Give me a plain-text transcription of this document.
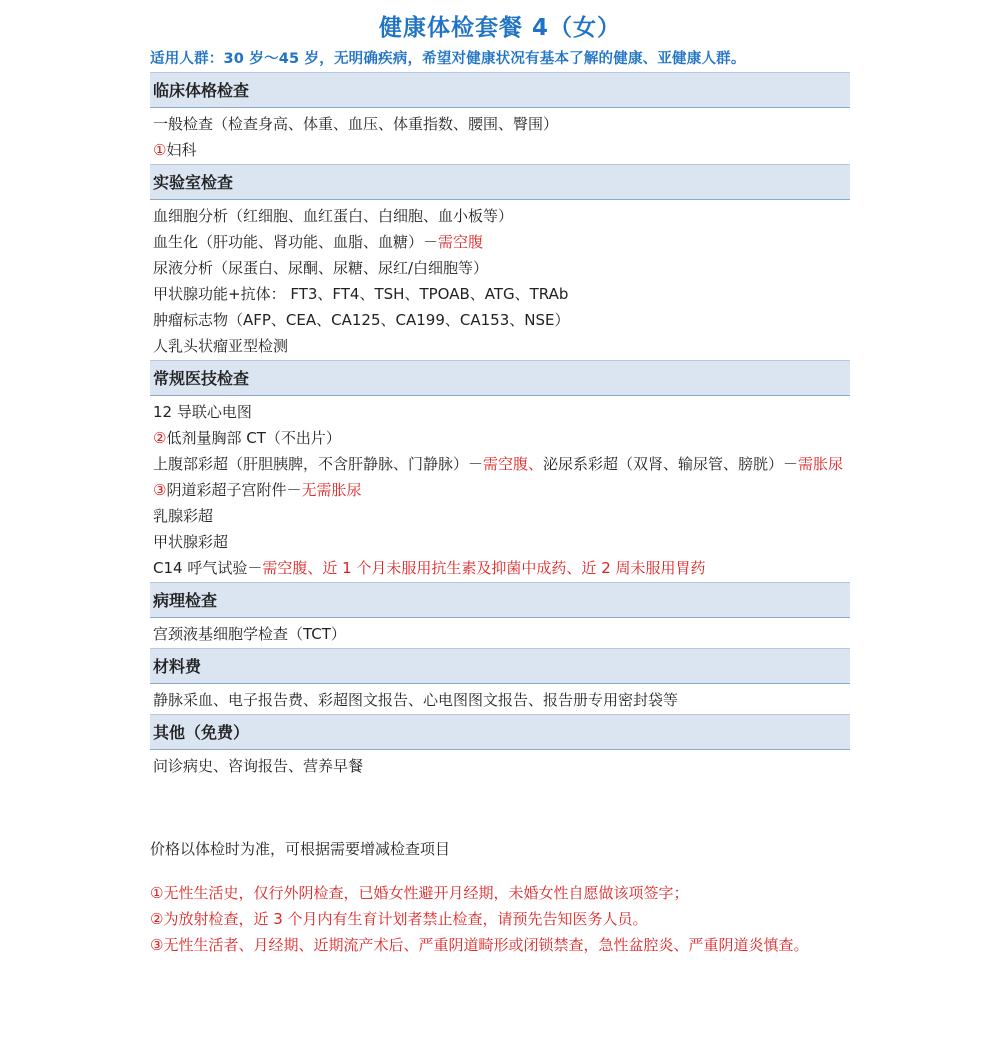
健康体检套餐 4（女）
适用人群：30 岁～45 岁，无明确疾病，希望对健康状况有基本了解的健康、亚健康人群。
临床体格检查
一般检查（检查身高、体重、血压、体重指数、腰围、臀围）
①妇科
实验室检查
血细胞分析（红细胞、血红蛋白、白细胞、血小板等）
血生化（肝功能、肾功能、血脂、血糖）－需空腹
尿液分析（尿蛋白、尿酮、尿糖、尿红/白细胞等）
甲状腺功能+抗体： FT3、FT4、TSH、TPOAB、ATG、TRAb
肿瘤标志物（AFP、CEA、CA125、CA199、CA153、NSE）
人乳头状瘤亚型检测
常规医技检查
12 导联心电图
②低剂量胸部 CT（不出片）
上腹部彩超（肝胆胰脾，不含肝静脉、门静脉）－需空腹、泌尿系彩超（双肾、输尿管、膀胱）－需胀尿
③阴道彩超子宫附件－无需胀尿
乳腺彩超
甲状腺彩超
C14 呼气试验－需空腹、近 1 个月未服用抗生素及抑菌中成药、近 2 周未服用胃药
病理检查
宫颈液基细胞学检查（TCT）
材料费
静脉采血、电子报告费、彩超图文报告、心电图图文报告、报告册专用密封袋等
其他（免费）
问诊病史、咨询报告、营养早餐
价格以体检时为准，可根据需要增减检查项目
①无性生活史，仅行外阴检查，已婚女性避开月经期，未婚女性自愿做该项签字；
②为放射检查，近 3 个月内有生育计划者禁止检查，请预先告知医务人员。
③无性生活者、月经期、近期流产术后、严重阴道畸形或闭锁禁查，急性盆腔炎、严重阴道炎慎查。
